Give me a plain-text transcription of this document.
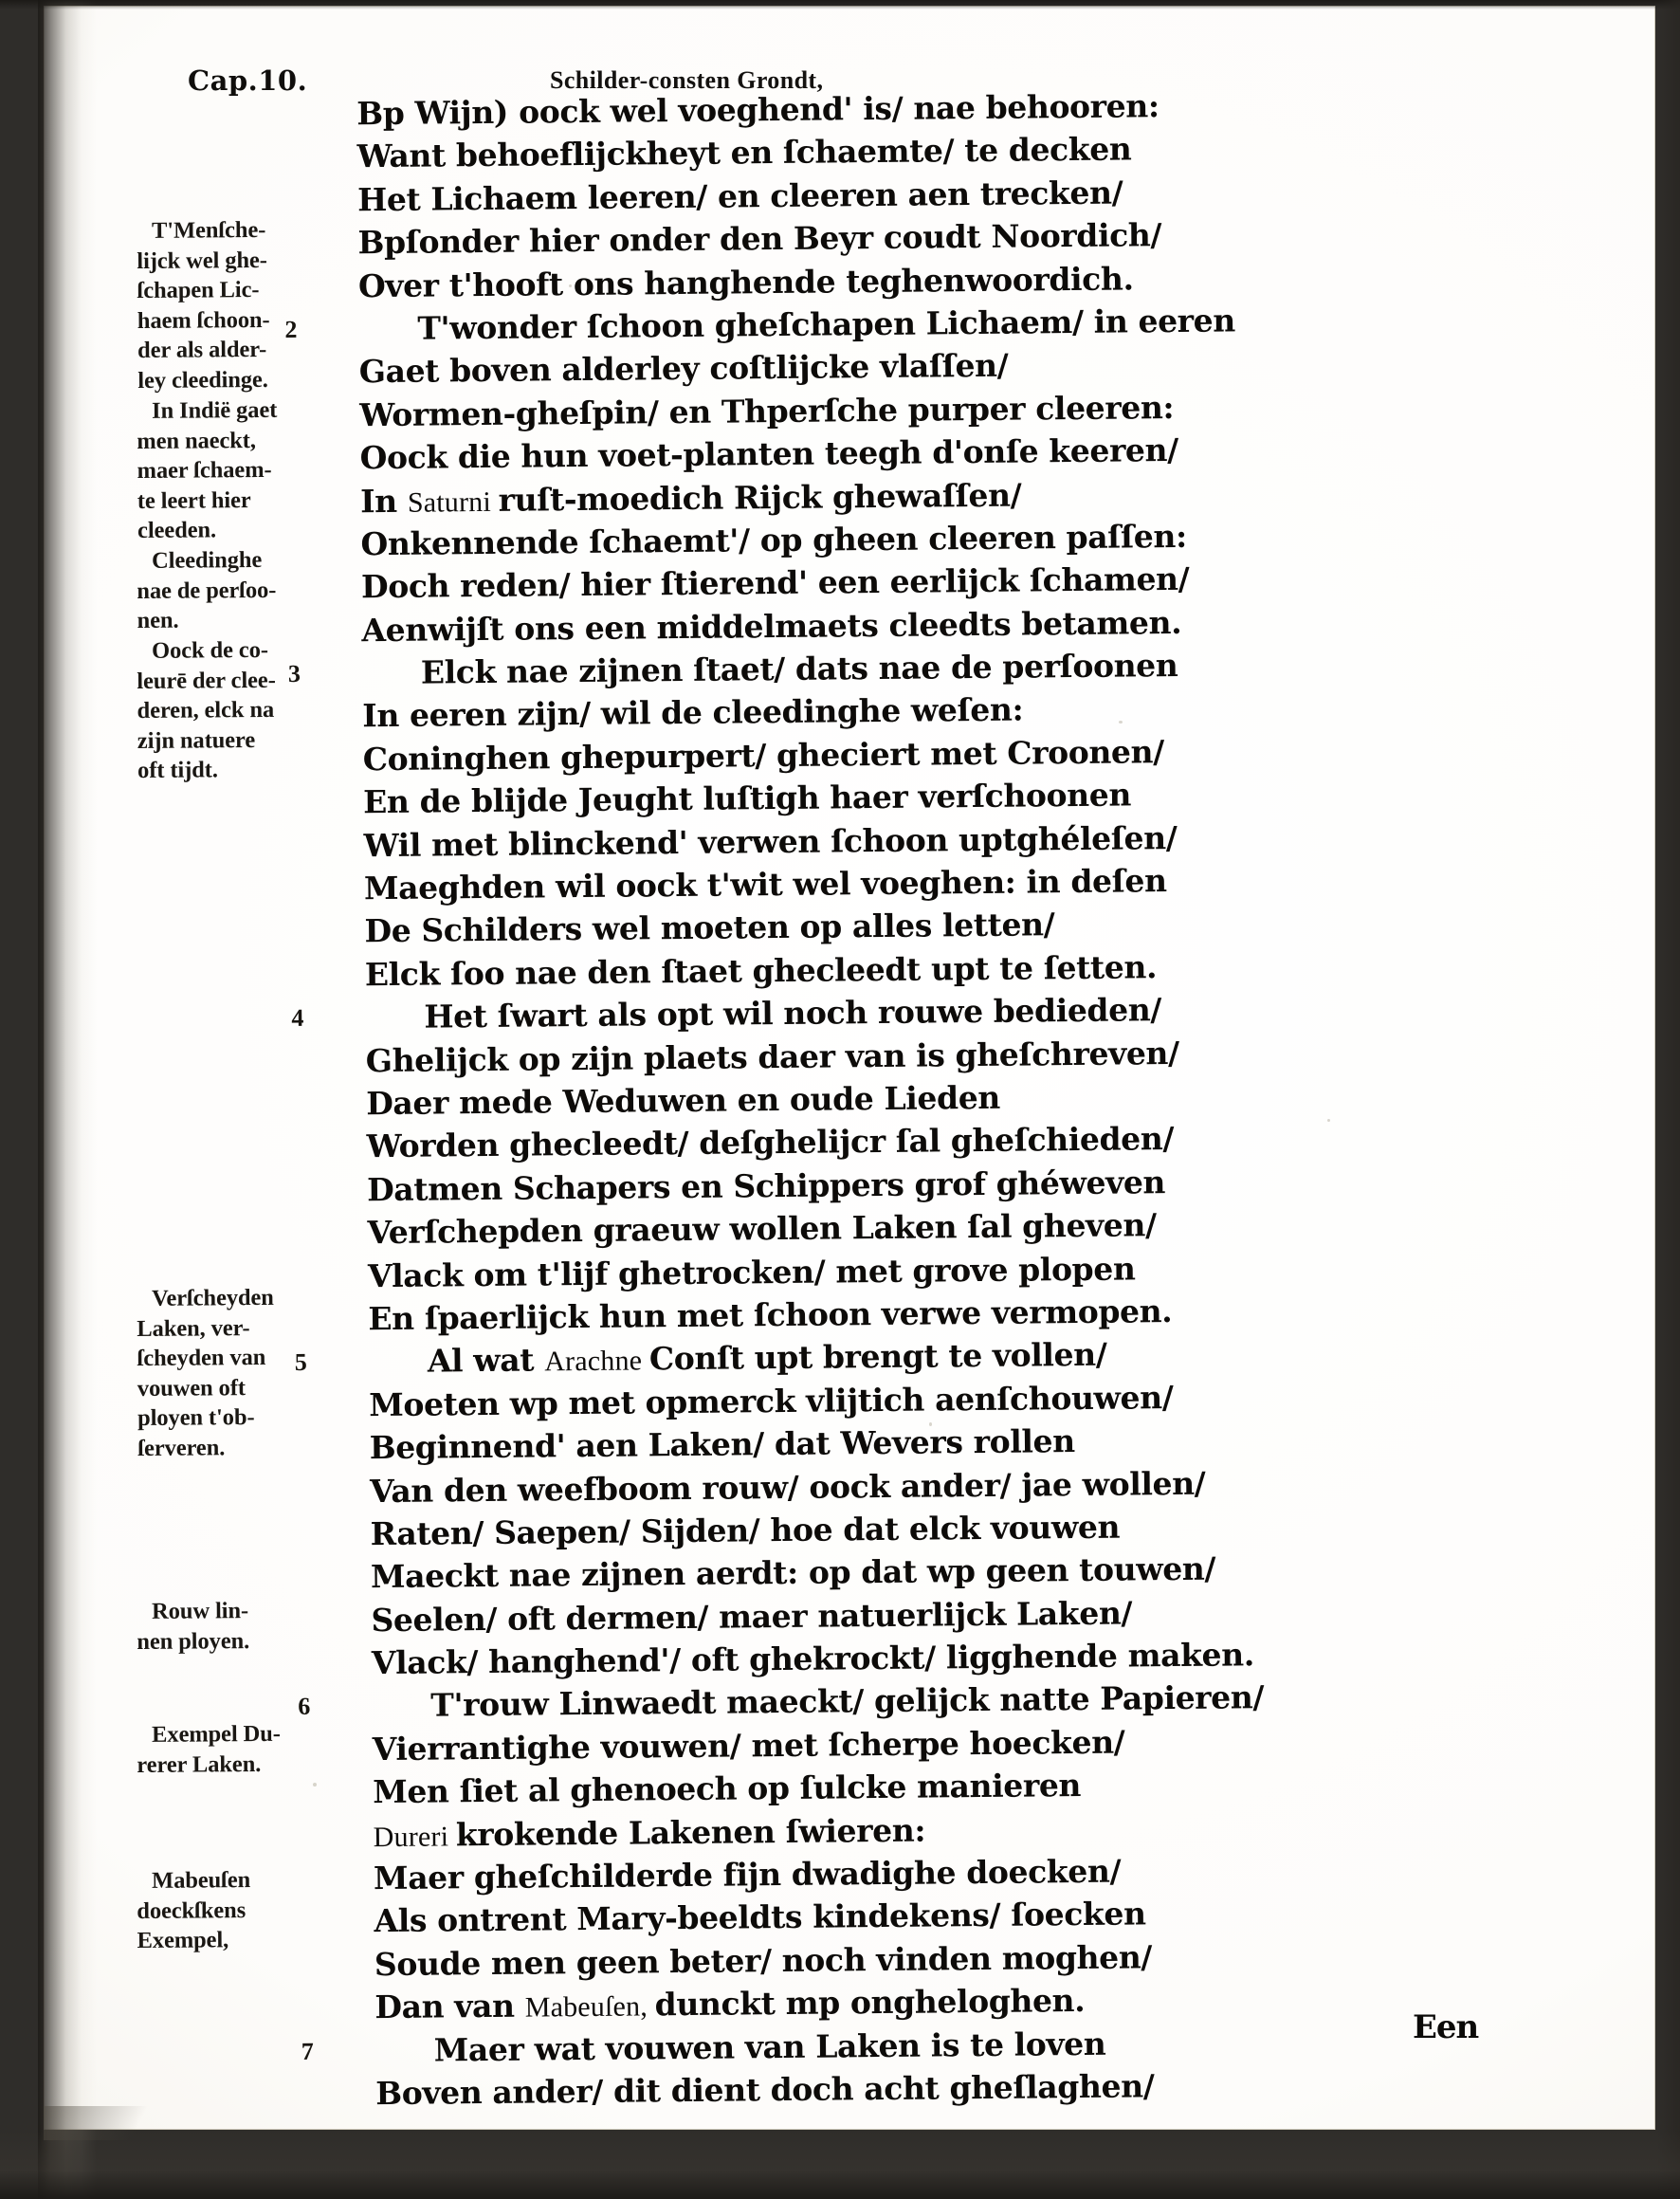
Cap.10.	Schilder-consten Grondt,
T'Menſche-
lijck wel ghe-
ſchapen Lic-
haem ſchoon-
der als alder-
ley cleedinge.
In Indië gaet
men naeckt,
maer ſchaem-
te leert hier
cleeden.
Cleedinghe
nae de perſoo-
nen.
Oock de co-
leurē der clee-
deren, elck na
zijn natuere
oft tijdt.
Verſcheyden
Laken, ver-
ſcheyden van
vouwen oft
ployen t'ob-
ſerveren.
Rouw lin-
nen ployen.
Exempel Du-
rerer Laken.
Mabeuſen
doeckſkens
Exempel,
Bp Wijn) oock wel voeghend' is/ nae behooren:
Want behoeflijckheyt en ſchaemte/ te decken
Het Lichaem leeren/ en cleeren aen trecken/
Bpſonder hier onder den Beyr coudt Noordich/
Over t'hooft ons hanghende teghenwoordich.
2	T'wonder ſchoon gheſchapen Lichaem/ in eeren
Gaet boven alderley coſtlijcke vlaſſen/
Wormen-gheſpin/ en Thperſche purper cleeren:
Oock die hun voet-planten teegh d'onſe keeren/
In Saturni ruſt-moedich Rijck ghewaſſen/
Onkennende ſchaemt'/ op gheen cleeren paſſen:
Doch reden/ hier ſtierend' een eerlijck ſchamen/
Aenwijſt ons een middelmaets cleedts betamen.
3	Elck nae zijnen ſtaet/ dats nae de perſoonen
In eeren zijn/ wil de cleedinghe weſen:
Coninghen ghepurpert/ gheciert met Croonen/
En de blijde Jeught luſtigh haer verſchoonen
Wil met blinckend' verwen ſchoon uptghéleſen/
Maeghden wil oock t'wit wel voeghen: in deſen
De Schilders wel moeten op alles letten/
Elck ſoo nae den ſtaet ghecleedt upt te ſetten.
4	Het ſwart als opt wil noch rouwe bedieden/
Ghelijck op zijn plaets daer van is gheſchreven/
Daer mede Weduwen en oude Lieden
Worden ghecleedt/ deſghelijcr ſal gheſchieden/
Datmen Schapers en Schippers grof ghéweven
Verſchepden graeuw wollen Laken ſal gheven/
Vlack om t'lijf ghetrocken/ met grove plopen
En ſpaerlijck hun met ſchoon verwe vermopen.
5	Al wat Arachne Conſt upt brengt te vollen/
Moeten wp met opmerck vlijtich aenſchouwen/
Beginnend' aen Laken/ dat Wevers rollen
Van den weefboom rouw/ oock ander/ jae wollen/
Raten/ Saepen/ Sijden/ hoe dat elck vouwen
Maeckt nae zijnen aerdt: op dat wp geen touwen/
Seelen/ oft dermen/ maer natuerlijck Laken/
Vlack/ hanghend'/ oft ghekrockt/ ligghende maken.
6	T'rouw Linwaedt maeckt/ gelijck natte Papieren/
Vierrantighe vouwen/ met ſcherpe hoecken/
Men ſiet al ghenoech op ſulcke manieren
Dureri krokende Lakenen ſwieren:
Maer gheſchilderde fijn dwadighe doecken/
Als ontrent Mary-beeldts kindekens/ ſoecken
Soude men geen beter/ noch vinden moghen/
Dan van Mabeuſen, dunckt mp ongheloghen.
7	Maer wat vouwen van Laken is te loven
Boven ander/ dit dient doch acht gheſlaghen/
Een
